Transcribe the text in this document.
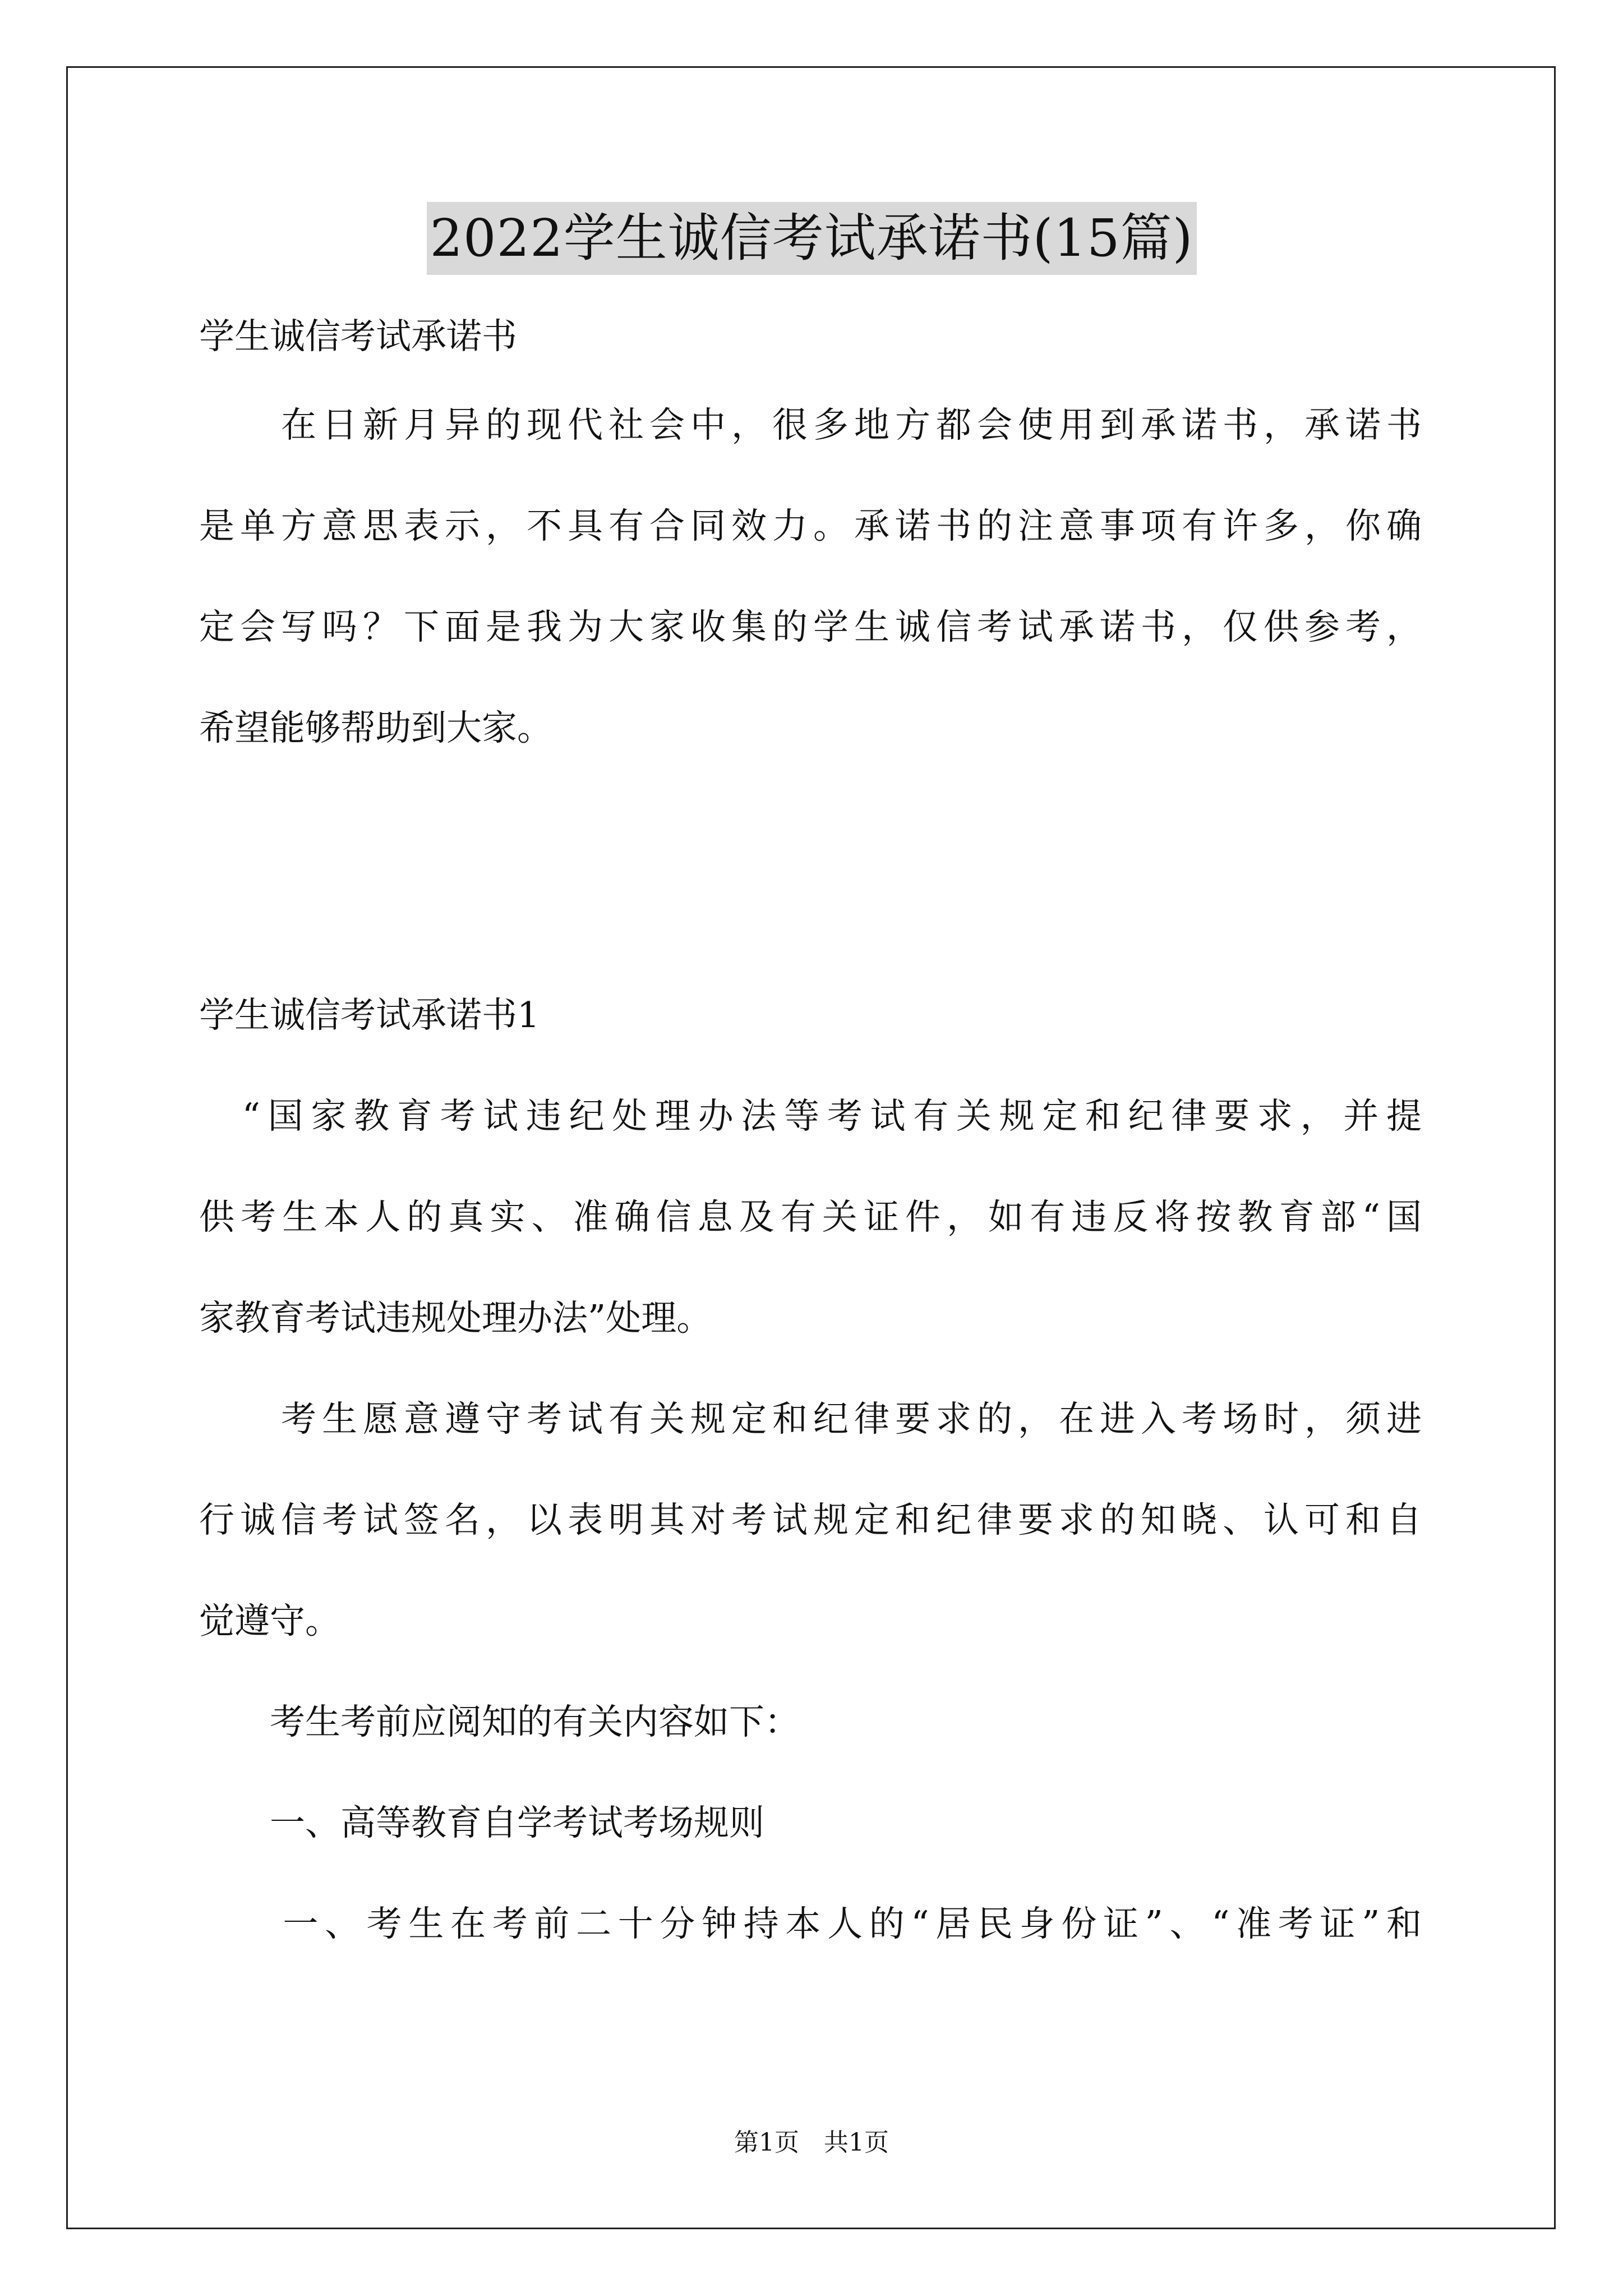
2022学生诚信考试承诺书(15篇)

学生诚信考试承诺书

　　在日新月异的现代社会中，很多地方都会使用到承诺书，承诺书
是单方意思表示，不具有合同效力。承诺书的注意事项有许多，你确
定会写吗？下面是我为大家收集的学生诚信考试承诺书，仅供参考，
希望能够帮助到大家。

学生诚信考试承诺书1

　“国家教育考试违纪处理办法等考试有关规定和纪律要求，并提
供考生本人的真实、准确信息及有关证件，如有违反将按教育部“国
家教育考试违规处理办法”处理。
　　考生愿意遵守考试有关规定和纪律要求的，在进入考场时，须进
行诚信考试签名，以表明其对考试规定和纪律要求的知晓、认可和自
觉遵守。
　　考生考前应阅知的有关内容如下：
　　一、高等教育自学考试考场规则
　　一、考生在考前二十分钟持本人的“居民身份证”、“准考证”和
第1页　共1页
